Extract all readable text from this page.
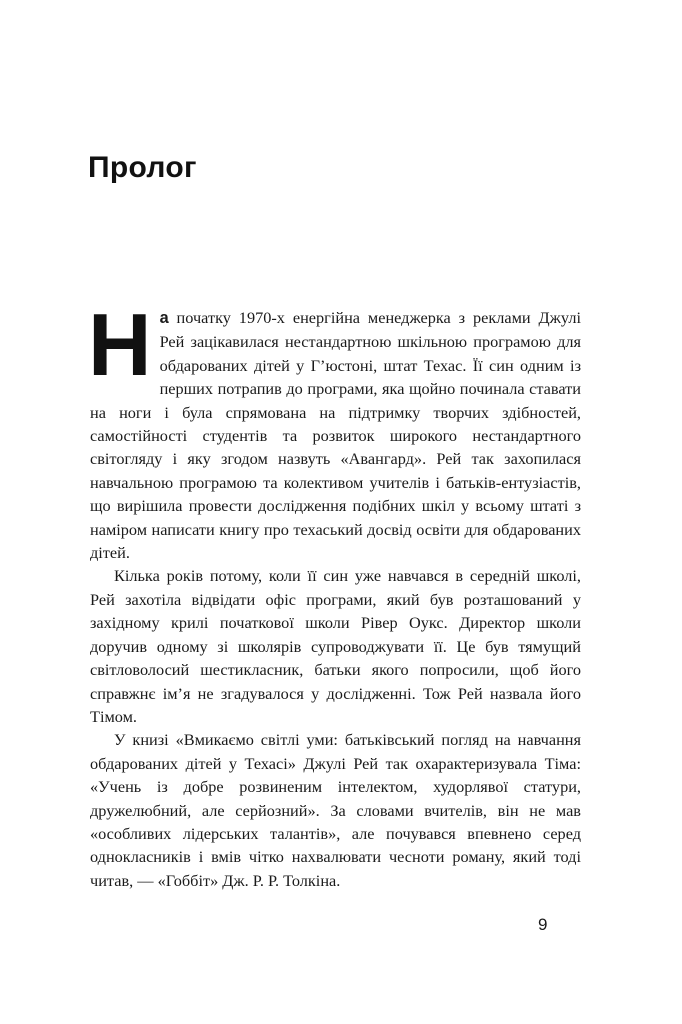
Пролог

На початку 1970-х енергійна менеджерка з реклами Джулі Рей зацікавилася нестандартною шкільною програмою для обдарованих дітей у Г’юстоні, штат Техас. Її син одним із перших потрапив до програми, яка щойно починала ставати на ноги і була спрямована на підтримку творчих здібностей, самостійності студентів та розвиток широкого нестандартного світогляду і яку згодом назвуть «Авангард». Рей так захопилася навчальною програмою та колективом учителів і батьків-ентузіастів, що вирішила провести дослідження подібних шкіл у всьому штаті з наміром написати книгу про техаський досвід освіти для обдарованих дітей.

Кілька років потому, коли її син уже навчався в середній школі, Рей захотіла відвідати офіс програми, який був розташований у західному крилі початкової школи Рівер Оукс. Директор школи доручив одному зі школярів супроводжувати її. Це був тямущий світловолосий шестикласник, батьки якого попросили, щоб його справжнє ім’я не згадувалося у дослідженні. Тож Рей назвала його Тімом.

У книзі «Вмикаємо світлі уми: батьківський погляд на навчання обдарованих дітей у Техасі» Джулі Рей так охарактеризувала Тіма: «Учень із добре розвиненим інтелектом, худорлявої статури, дружелюбний, але серйозний». За словами вчителів, він не мав «особливих лідерських талантів», але почувався впевнено серед однокласників і вмів чітко нахвалювати чесноти роману, який тоді читав, — «Гоббіт» Дж. Р. Р. Толкіна.

9
